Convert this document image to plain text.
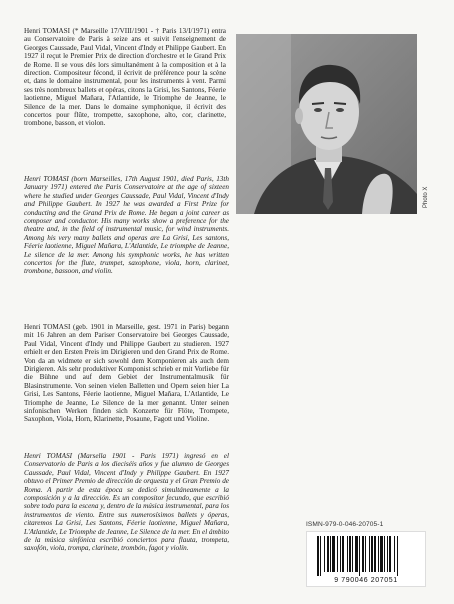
Henri TOMASI (* Marseille 17/VIII/1901 - † Paris 13/I/1971) entra au Conservatoire de Paris à seize ans et suivit l'enseignement de Georges Caussade, Paul Vidal, Vincent d'Indy et Philippe Gaubert. En 1927 il reçut le Premier Prix de direction d'orchestre et le Grand Prix de Rome. Il se vous dès lors simultanément à la composition et à la direction. Compositeur fécond, il écrivit de préférence pour la scène et, dans le domaine instrumental, pour les instruments à vent. Parmi ses très nombreux ballets et opéras, citons la Grisi, les Santons, Féerie laotienne, Miguel Mañara, l'Atlantide, le Triomphe de Jeanne, le Silence de la mer. Dans le domaine symphonique, il écrivit des concertos pour flûte, trompette, saxophone, alto, cor, clarinette, trombone, basson, et violon.

Henri TOMASI (born Marseilles, 17th August 1901, died Paris, 13th January 1971) entered the Paris Conservatoire at the age of sixteen where he studied under Georges Caussade, Paul Vidal, Vincent d'Indy and Philippe Gaubert. In 1927 he was awarded a First Prize for conducting and the Grand Prix de Rome. He began a joint career as composer and conductor. His many works show a preference for the theatre and, in the field of instrumental music, for wind instruments. Among his very many ballets and operas are La Grisi, Les santons, Féerie laotienne, Miguel Mañara, L'Atlantide, Le triomphe de Jeanne, Le silence de la mer. Among his symphonic works, he has written concertos for the flute, trumpet, saxophone, viola, horn, clarinet, trombone, bassoon, and violin.

Henri TOMASI (geb. 1901 in Marseille, gest. 1971 in Paris) begann mit 16 Jahren an dem Pariser Conservatoire bei Georges Caussade, Paul Vidal, Vincent d'Indy und Philippe Gaubert zu studieren. 1927 erhielt er den Ersten Preis im Dirigieren und den Grand Prix de Rome. Von da an widmete er sich sowohl dem Komponieren als auch dem Dirigieren. Als sehr produktiver Komponist schrieb er mit Vorliebe für die Bühne und auf dem Gebiet der Instrumentalmusik für Blasinstrumente. Von seinen vielen Balletten und Opern seien hier La Grisi, Les Santons, Féerie laotienne, Miguel Mañara, L'Atlantide, Le Triomphe de Jeanne, Le Silence de la mer genannt. Unter seinen sinfonischen Werken finden sich Konzerte für Flöte, Trompete, Saxophon, Viola, Horn, Klarinette, Posaune, Fagott und Violine.

Henri TOMASI (Marsella 1901 - Paris 1971) ingresó en el Conservatorio de Paris a los dieciséis años y fue alumno de Georges Caussade, Paul Vidal, Vincent d'Indy y Philippe Gaubert. En 1927 obtuvo el Primer Premio de dirección de orquesta y el Gran Premio de Roma. A partir de esta época se dedicó simultáneamente a la composición y a la dirección. Es un compositor fecundo, que escribió sobre todo para la escena y, dentro de la música instrumental, para los instrumentos de viento. Entre sus numerosísimos ballets y óperas, citaremos La Grisi, Les Santons, Féerie laotienne, Miguel Mañara, L'Atlantide, Le Triomphe de Jeanne, Le Silence de la mer. En el ámbito de la música sinfónica escribió conciertos para flauta, trompeta, saxofón, viola, trompa, clarinete, trombón, fagot y violín.

Photo X
ISMN-979-0-046-20705-1
9 790046 207051
